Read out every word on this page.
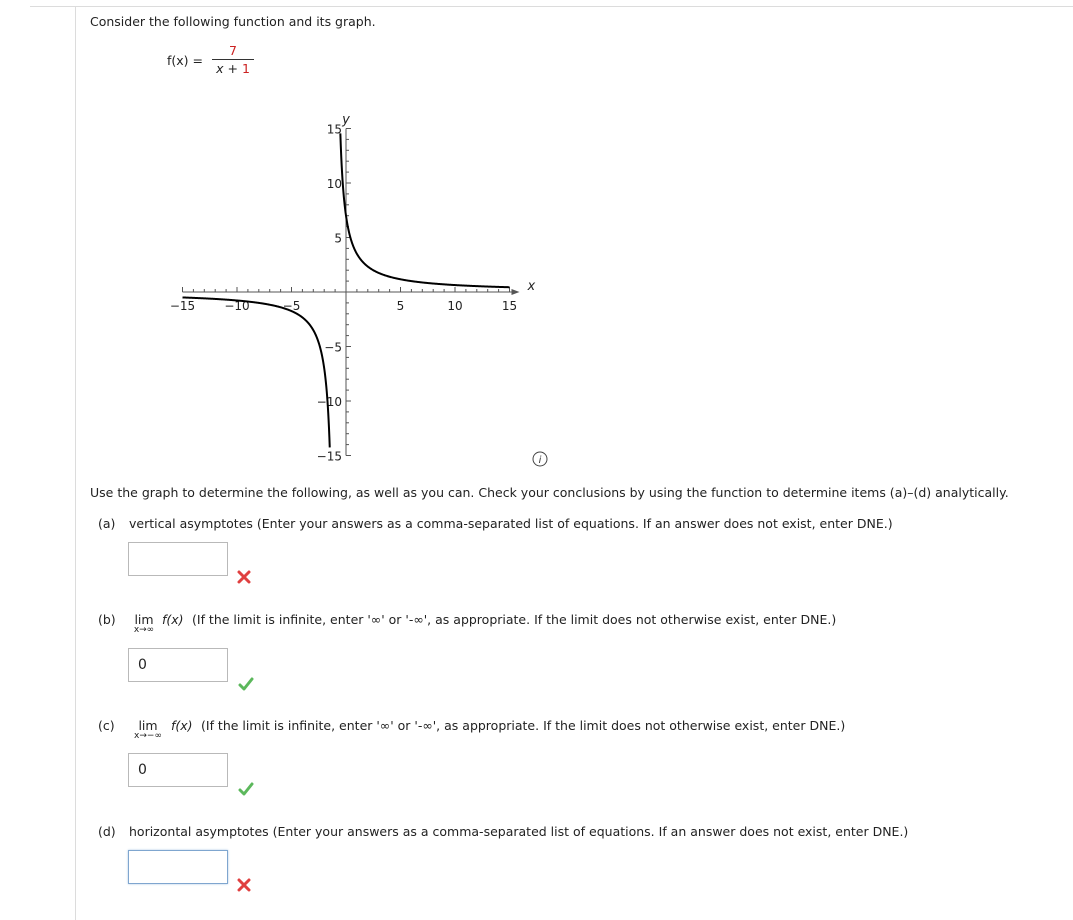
Consider the following function and its graph.
f(x) =
7
x + 1
−15 −10	−5	5	10	15
15
10
5
−5
−10
−15
x
y
i
Use the graph to determine the following, as well as you can. Check your conclusions by using the function to determine items (a)–(d) analytically.
(a) vertical asymptotes (Enter your answers as a comma-separated list of equations. If an answer does not exist, enter DNE.)
(b)	lim
x→∞
f(x) (If the limit is infinite, enter '∞' or '-∞', as appropriate. If the limit does not otherwise exist, enter DNE.)
0
(c)	lim
x→−∞
f(x) (If the limit is infinite, enter '∞' or '-∞', as appropriate. If the limit does not otherwise exist, enter DNE.)
0
(d) horizontal asymptotes (Enter your answers as a comma-separated list of equations. If an answer does not exist, enter DNE.)
